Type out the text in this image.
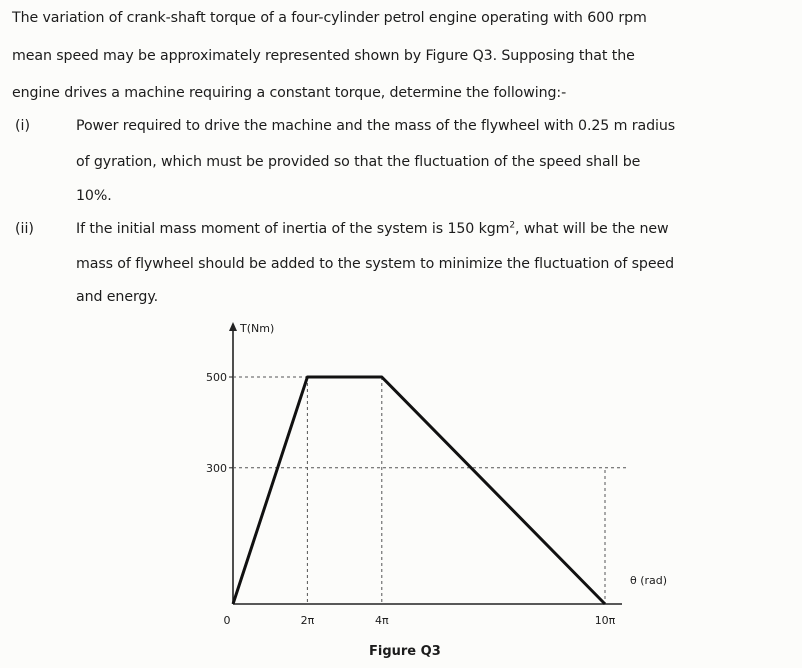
The variation of crank-shaft torque of a four-cylinder petrol engine operating with 600 rpm
mean speed may be approximately represented shown by Figure Q3. Supposing that the
engine drives a machine requiring a constant torque, determine the following:-
(i)	Power required to drive the machine and the mass of the flywheel with 0.25 m radius
of gyration, which must be provided so that the fluctuation of the speed shall be
10%.
(ii)	If the initial mass moment of inertia of the system is 150 kgm$^2$, what will be the new
mass of flywheel should be added to the system to minimize the fluctuation of speed
and energy.
500
300
0	2π	4π	10π
T(Nm)
θ (rad)
Figure Q3
